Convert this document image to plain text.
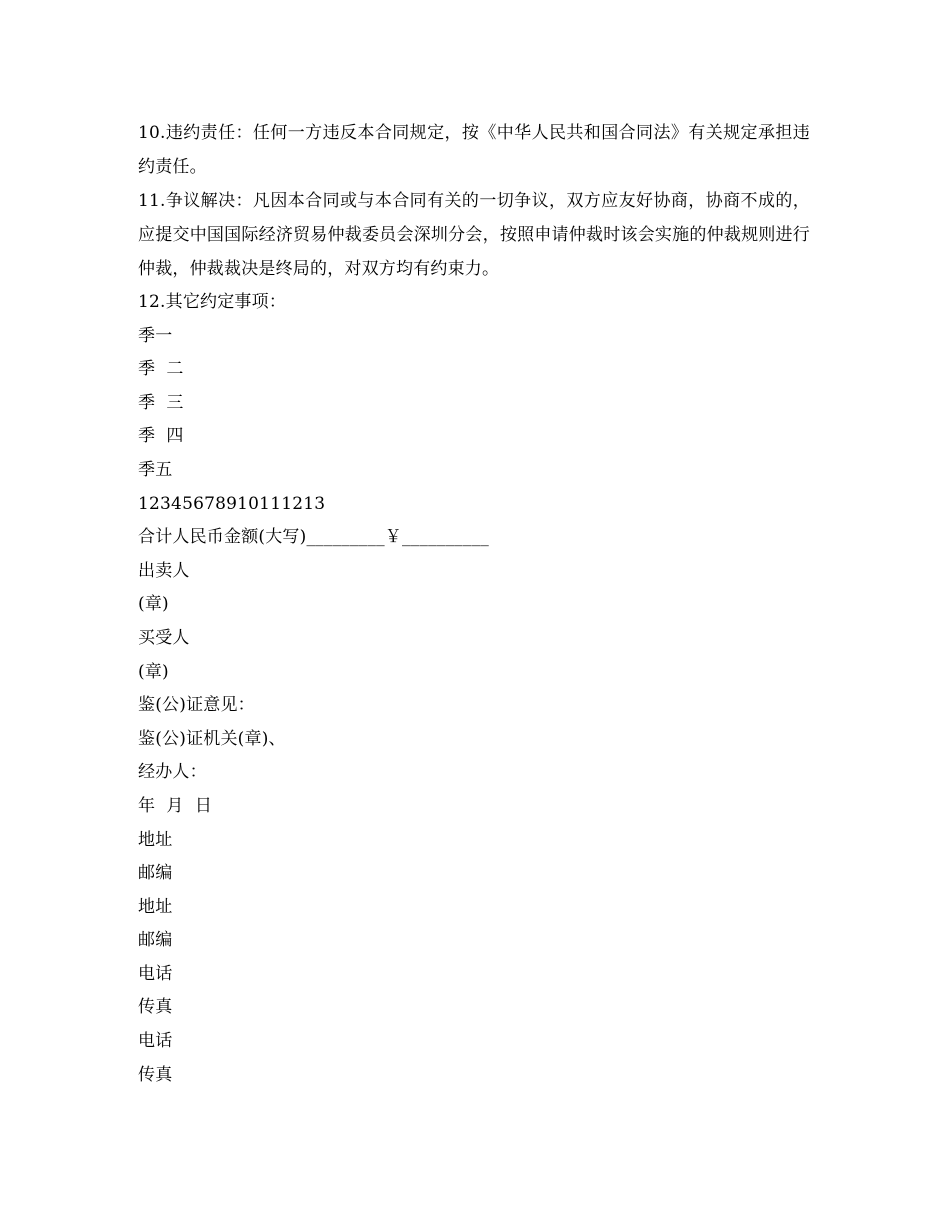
10.违约责任：任何一方违反本合同规定，按《中华人民共和国合同法》有关规定承担违约责任。

11.争议解决：凡因本合同或与本合同有关的一切争议，双方应友好协商，协商不成的，应提交中国国际经济贸易仲裁委员会深圳分会，按照申请仲裁时该会实施的仲裁规则进行仲裁，仲裁裁决是终局的，对双方均有约束力。

12.其它约定事项：

季一

季  二

季  三

季  四

季五

12345678910111213

合计人民币金额(大写)_________￥__________

出卖人

(章)

买受人

(章)

鉴(公)证意见：

鉴(公)证机关(章)、

经办人：

年  月  日

地址

邮编

地址

邮编

电话

传真

电话

传真
